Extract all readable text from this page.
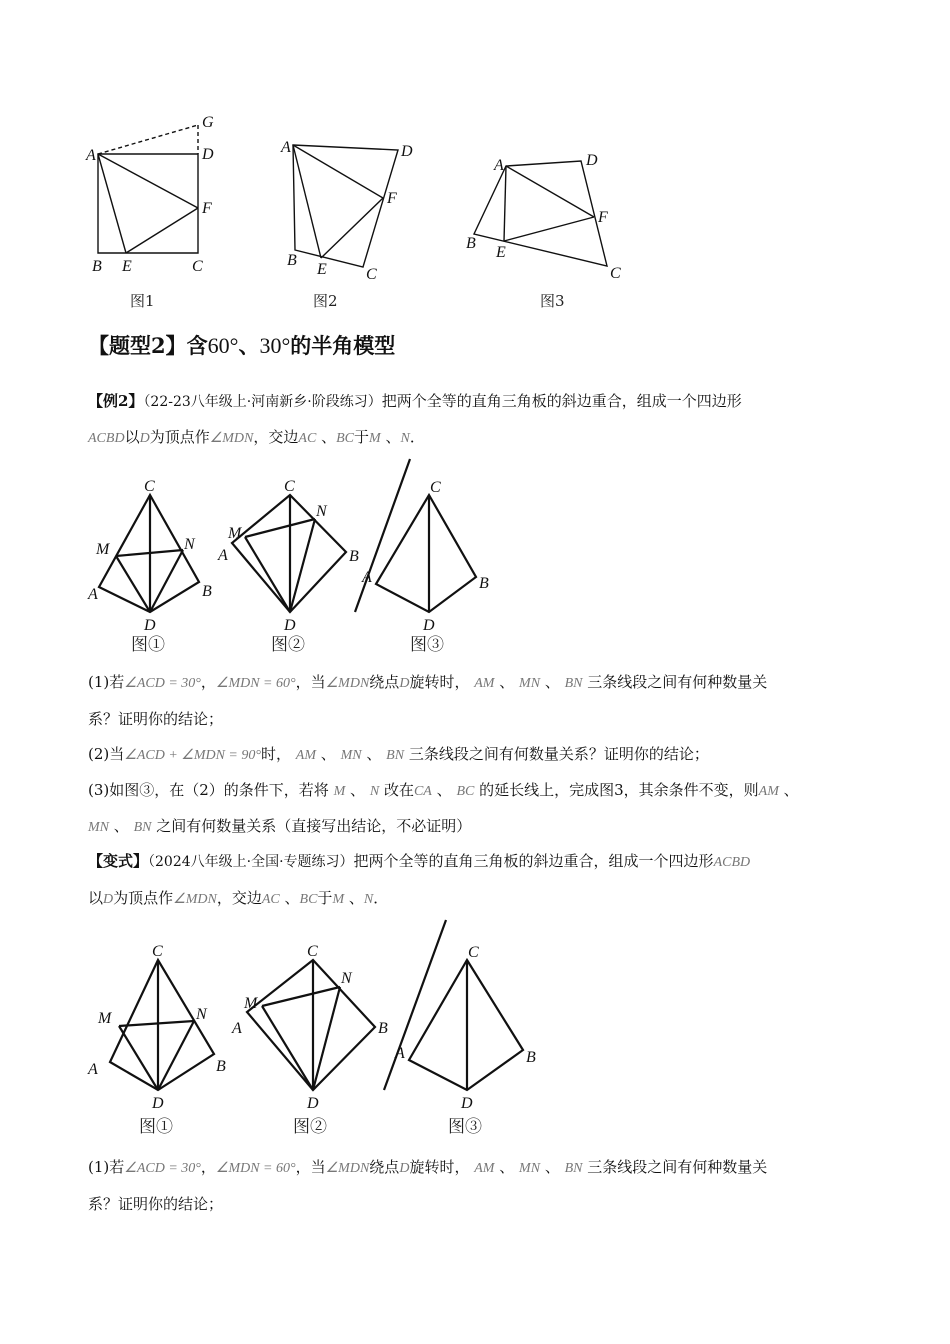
A
B	C
D
E
F
G
A
B
C
D
E
F
A
B
C
D
E
F
C
M	N
A	B
D
C
M
N
A	B
D
C
A	B
D
C
M	N
A	B
D
C
M
N
A	B
D
C
A	B
D
图1	图2	图3
【题型2】含60°、30°的半角模型
【例2】（22-23八年级上·河南新乡·阶段练习）把两个全等的直角三角板的斜边重合，组成一个四边形
ACBD以D为顶点作∠MDN，交边AC 、BC于M 、N．
图①	图②	图③
(1)若∠ACD = 30°，∠MDN = 60°，当∠MDN绕点D旋转时， AM 、 MN 、 BN 三条线段之间有何种数量关
系？证明你的结论；
(2)当∠ACD + ∠MDN = 90°时， AM 、 MN 、 BN 三条线段之间有何数量关系？证明你的结论；
(3)如图③，在（2）的条件下，若将 M 、 N 改在CA 、 BC 的延长线上，完成图3，其余条件不变，则AM 、
MN 、 BN 之间有何数量关系（直接写出结论，不必证明）
【变式】（2024八年级上·全国·专题练习）把两个全等的直角三角板的斜边重合，组成一个四边形ACBD
以D为顶点作∠MDN，交边AC 、BC于M 、N．
图①	图②	图③
(1)若∠ACD = 30°，∠MDN = 60°，当∠MDN绕点D旋转时， AM 、 MN 、 BN 三条线段之间有何种数量关
系？证明你的结论；
